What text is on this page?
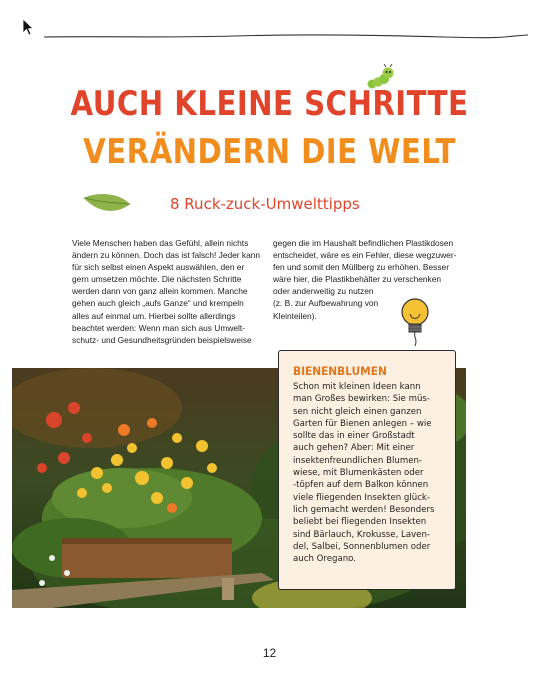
AUCH KLEINE SCHRITTE
VERÄNDERN DIE WELT
8 Ruck-zuck-Umwelttipps
Viele Menschen haben das Gefühl, allein nichts
ändern zu können. Doch das ist falsch! Jeder kann
für sich selbst einen Aspekt auswählen, den er
gern umsetzen möchte. Die nächsten Schritte
werden dann von ganz allein kommen. Manche
gehen auch gleich „aufs Ganze“ und krempeln
alles auf einmal um. Hierbei sollte allerdings
beachtet werden: Wenn man sich aus Umwelt-
schutz- und Gesundheitsgründen beispielsweise
gegen die im Haushalt befindlichen Plastikdosen
entscheidet, wäre es ein Fehler, diese wegzuwer-
fen und somit den Müllberg zu erhöhen. Besser
wäre hier, die Plastikbehälter zu verschenken
oder anderweitig zu nutzen
(z. B. zur Aufbewahrung von
Kleinteilen).
BIENENBLUMEN
Schon mit kleinen Ideen kann
man Großes bewirken: Sie müs-
sen nicht gleich einen ganzen
Garten für Bienen anlegen – wie
sollte das in einer Großstadt
auch gehen? Aber: Mit einer
insektenfreundlichen Blumen-
wiese, mit Blumenkästen oder
-töpfen auf dem Balkon können
viele fliegenden Insekten glück-
lich gemacht werden! Besonders
beliebt bei fliegenden Insekten
sind Bärlauch, Krokusse, Laven-
del, Salbei, Sonnenblumen oder
auch Oregano.
12
